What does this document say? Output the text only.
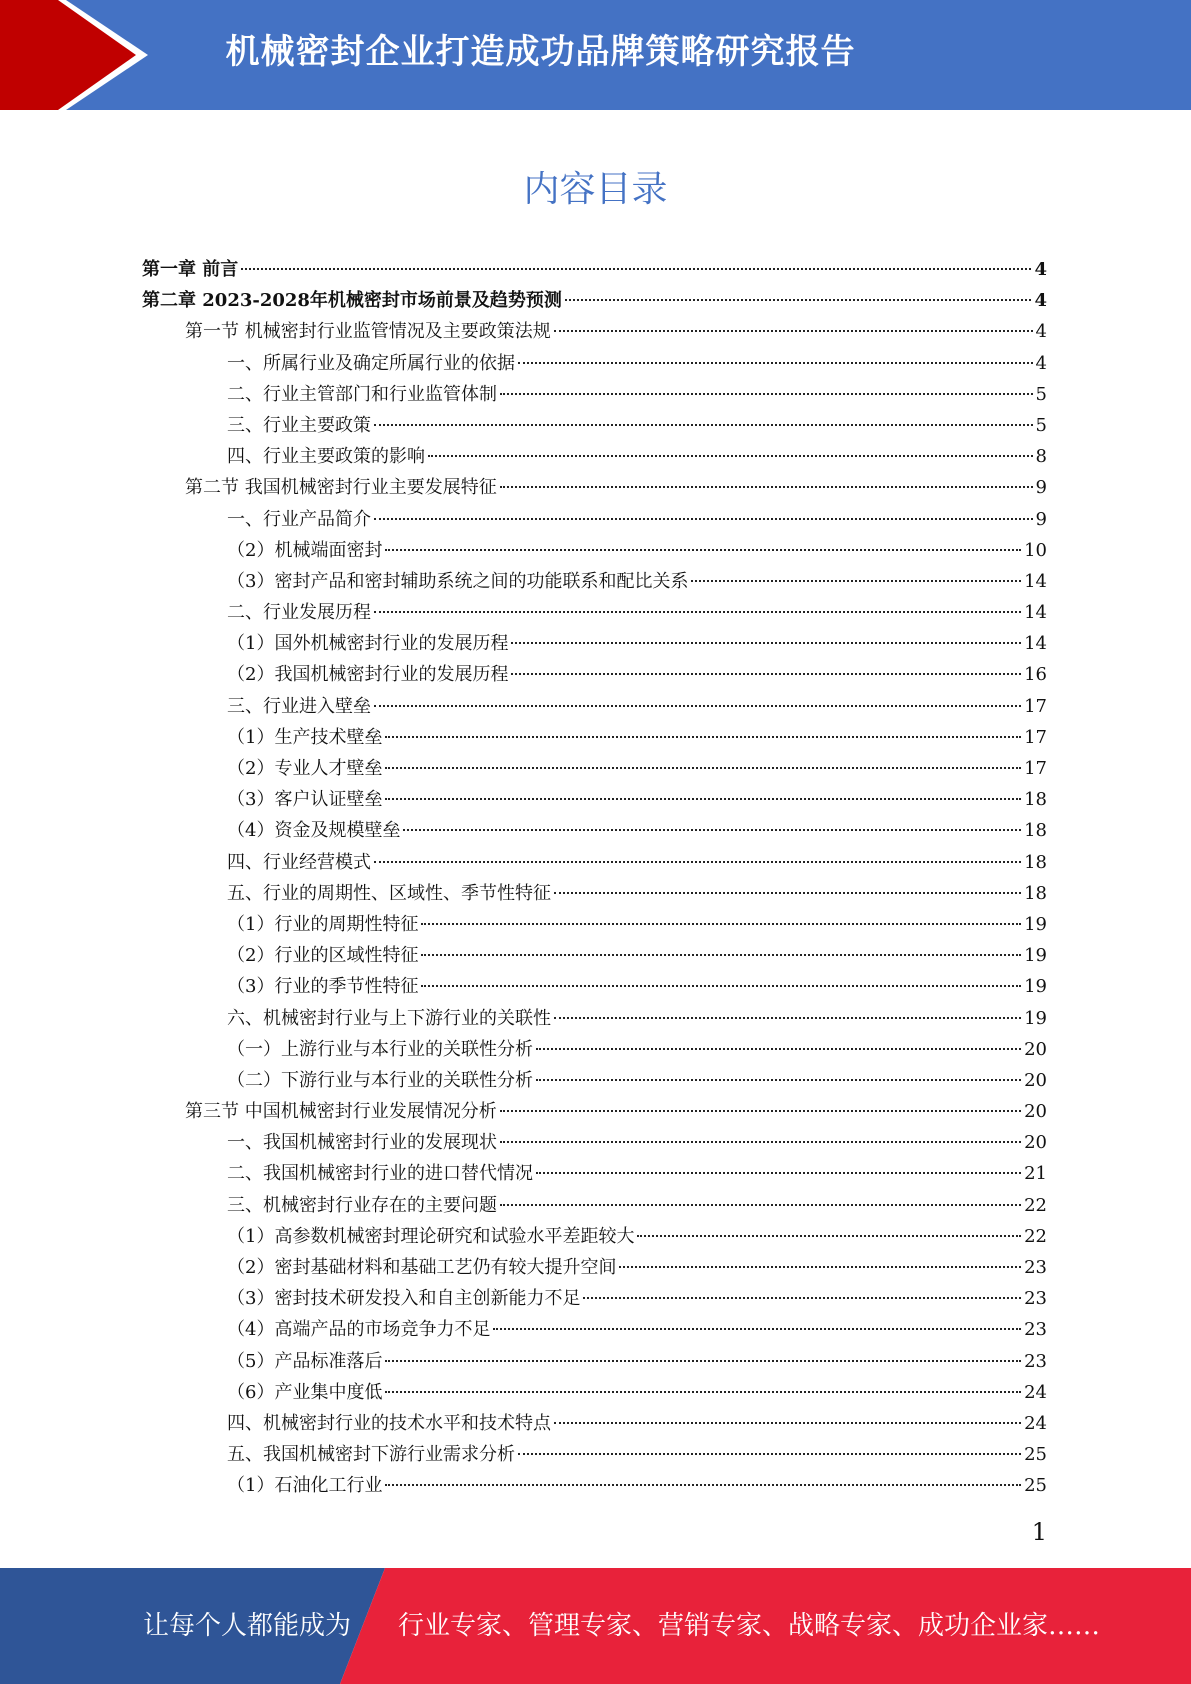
机械密封企业打造成功品牌策略研究报告
内容目录
第一章 前言	4
第二章 2023-2028年机械密封市场前景及趋势预测	4
第一节 机械密封行业监管情况及主要政策法规	4
一、所属行业及确定所属行业的依据	4
二、行业主管部门和行业监管体制	5
三、行业主要政策	5
四、行业主要政策的影响	8
第二节 我国机械密封行业主要发展特征	9
一、行业产品简介	9
（2）机械端面密封	10
（3）密封产品和密封辅助系统之间的功能联系和配比关系	14
二、行业发展历程	14
（1）国外机械密封行业的发展历程	14
（2）我国机械密封行业的发展历程	16
三、行业进入壁垒	17
（1）生产技术壁垒	17
（2）专业人才壁垒	17
（3）客户认证壁垒	18
（4）资金及规模壁垒	18
四、行业经营模式	18
五、行业的周期性、区域性、季节性特征	18
（1）行业的周期性特征	19
（2）行业的区域性特征	19
（3）行业的季节性特征	19
六、机械密封行业与上下游行业的关联性	19
（一）上游行业与本行业的关联性分析	20
（二）下游行业与本行业的关联性分析	20
第三节 中国机械密封行业发展情况分析	20
一、我国机械密封行业的发展现状	20
二、我国机械密封行业的进口替代情况	21
三、机械密封行业存在的主要问题	22
（1）高参数机械密封理论研究和试验水平差距较大	22
（2）密封基础材料和基础工艺仍有较大提升空间	23
（3）密封技术研发投入和自主创新能力不足	23
（4）高端产品的市场竞争力不足	23
（5）产品标准落后	23
（6）产业集中度低	24
四、机械密封行业的技术水平和技术特点	24
五、我国机械密封下游行业需求分析	25
（1）石油化工行业	25
1
让每个人都能成为 行业专家、管理专家、营销专家、战略专家、成功企业家……
